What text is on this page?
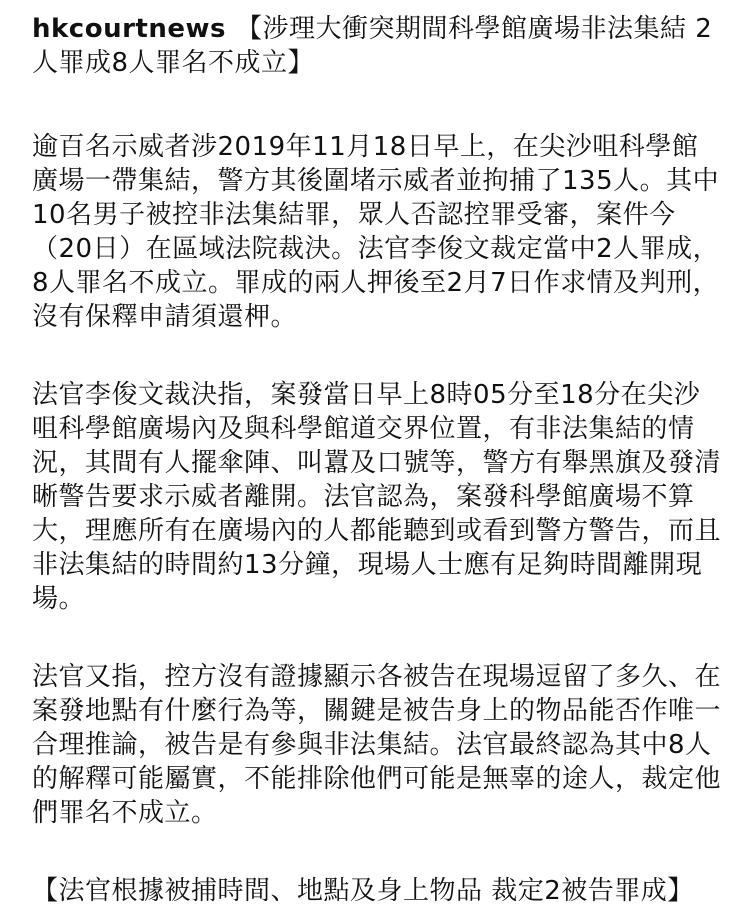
hkcourtnews 【涉理大衝突期間科學館廣場非法集結 2人罪成8人罪名不成立】

逾百名示威者涉2019年11月18日早上，在尖沙咀科學館廣場一帶集結，警方其後圍堵示威者並拘捕了135人。其中10名男子被控非法集結罪，眾人否認控罪受審，案件今（20日）在區域法院裁決。法官李俊文裁定當中2人罪成，8人罪名不成立。罪成的兩人押後至2月7日作求情及判刑，沒有保釋申請須還柙。

法官李俊文裁決指，案發當日早上8時05分至18分在尖沙咀科學館廣場內及與科學館道交界位置，有非法集結的情況，其間有人擺傘陣、叫囂及口號等，警方有舉黑旗及發清晰警告要求示威者離開。法官認為，案發科學館廣場不算大，理應所有在廣場內的人都能聽到或看到警方警告，而且非法集結的時間約13分鐘，現場人士應有足夠時間離開現場。

法官又指，控方沒有證據顯示各被告在現場逗留了多久、在案發地點有什麼行為等，關鍵是被告身上的物品能否作唯一合理推論，被告是有參與非法集結。法官最終認為其中8人的解釋可能屬實，不能排除他們可能是無辜的途人，裁定他們罪名不成立。

【法官根據被捕時間、地點及身上物品 裁定2被告罪成】
